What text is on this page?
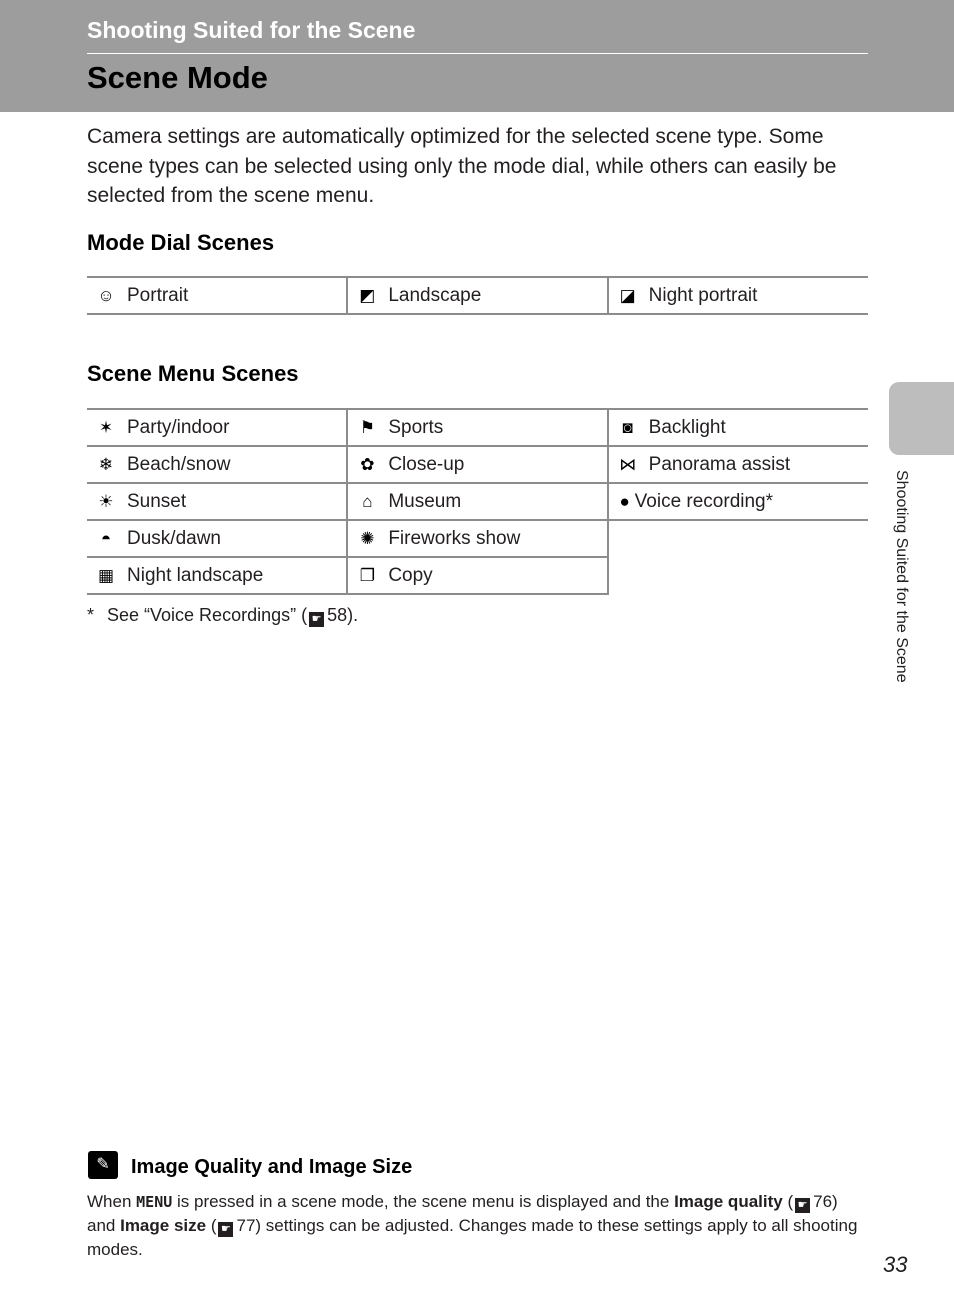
Shooting Suited for the Scene
Scene Mode

Camera settings are automatically optimized for the selected scene type. Some scene types can be selected using only the mode dial, while others can easily be selected from the scene menu.

Mode Dial Scenes
☺ Portrait	◩ Landscape	◪ Night portrait
Scene Menu Scenes
✶ Party/indoor	⚑ Sports	◙ Backlight
❄ Beach/snow	✿ Close-up	⋈ Panorama assist
☀ Sunset	⌂ Museum	● Voice recording*
◓ Dusk/dawn	✺ Fireworks show	
▦ Night landscape	❐ Copy	
* See “Voice Recordings” ( ☛ 58).	Shooting Suited for the Scene
✎	Image Quality and Image Size
When MENU is pressed in a scene mode, the scene menu is displayed and the Image quality ( ☛ 76)
and Image size ( ☛ 77) settings can be adjusted. Changes made to these settings apply to all shooting modes.
33
